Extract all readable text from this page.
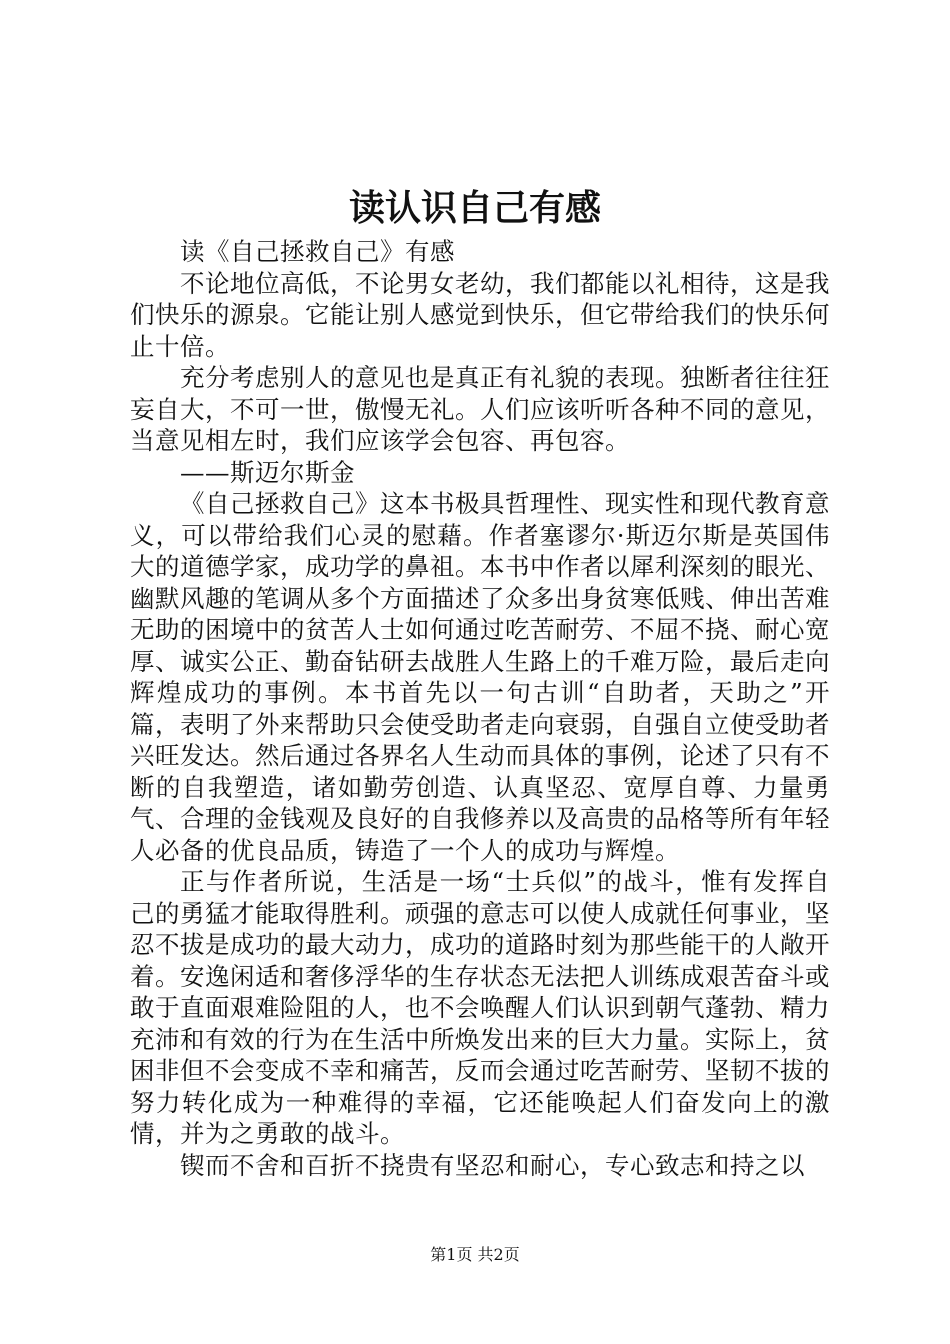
读认识自己有感

读《自己拯救自己》有感

不论地位高低，不论男女老幼，我们都能以礼相待，这是我们快乐的源泉。它能让别人感觉到快乐，但它带给我们的快乐何止十倍。

充分考虑别人的意见也是真正有礼貌的表现。独断者往往狂妄自大，不可一世，傲慢无礼。人们应该听听各种不同的意见，当意见相左时，我们应该学会包容、再包容。

——斯迈尔斯金

《自己拯救自己》这本书极具哲理性、现实性和现代教育意义，可以带给我们心灵的慰藉。作者塞谬尔·斯迈尔斯是英国伟大的道德学家，成功学的鼻祖。本书中作者以犀利深刻的眼光、幽默风趣的笔调从多个方面描述了众多出身贫寒低贱、伸出苦难无助的困境中的贫苦人士如何通过吃苦耐劳、不屈不挠、耐心宽厚、诚实公正、勤奋钻研去战胜人生路上的千难万险，最后走向辉煌成功的事例。本书首先以一句古训“自助者，天助之”开篇，表明了外来帮助只会使受助者走向衰弱，自强自立使受助者兴旺发达。然后通过各界名人生动而具体的事例，论述了只有不断的自我塑造，诸如勤劳创造、认真坚忍、宽厚自尊、力量勇气、合理的金钱观及良好的自我修养以及高贵的品格等所有年轻人必备的优良品质，铸造了一个人的成功与辉煌。

正与作者所说，生活是一场“士兵似”的战斗，惟有发挥自己的勇猛才能取得胜利。顽强的意志可以使人成就任何事业，坚忍不拔是成功的最大动力，成功的道路时刻为那些能干的人敞开着。安逸闲适和奢侈浮华的生存状态无法把人训练成艰苦奋斗或敢于直面艰难险阻的人，也不会唤醒人们认识到朝气蓬勃、精力充沛和有效的行为在生活中所焕发出来的巨大力量。实际上，贫困非但不会变成不幸和痛苦，反而会通过吃苦耐劳、坚韧不拔的努力转化成为一种难得的幸福，它还能唤起人们奋发向上的激情，并为之勇敢的战斗。

锲而不舍和百折不挠贵有坚忍和耐心，专心致志和持之以

第1页 共2页
